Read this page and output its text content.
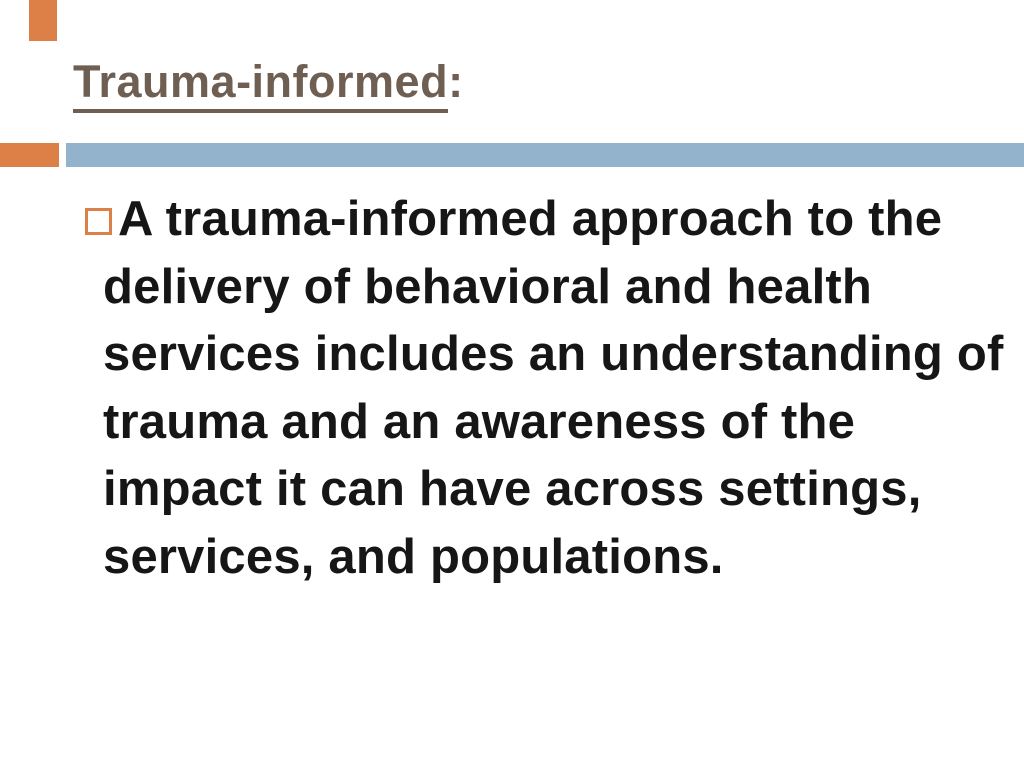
Trauma-informed:
A trauma-informed approach to the
delivery of behavioral and health
services includes an understanding of
trauma and an awareness of the
impact it can have across settings,
services, and populations.
